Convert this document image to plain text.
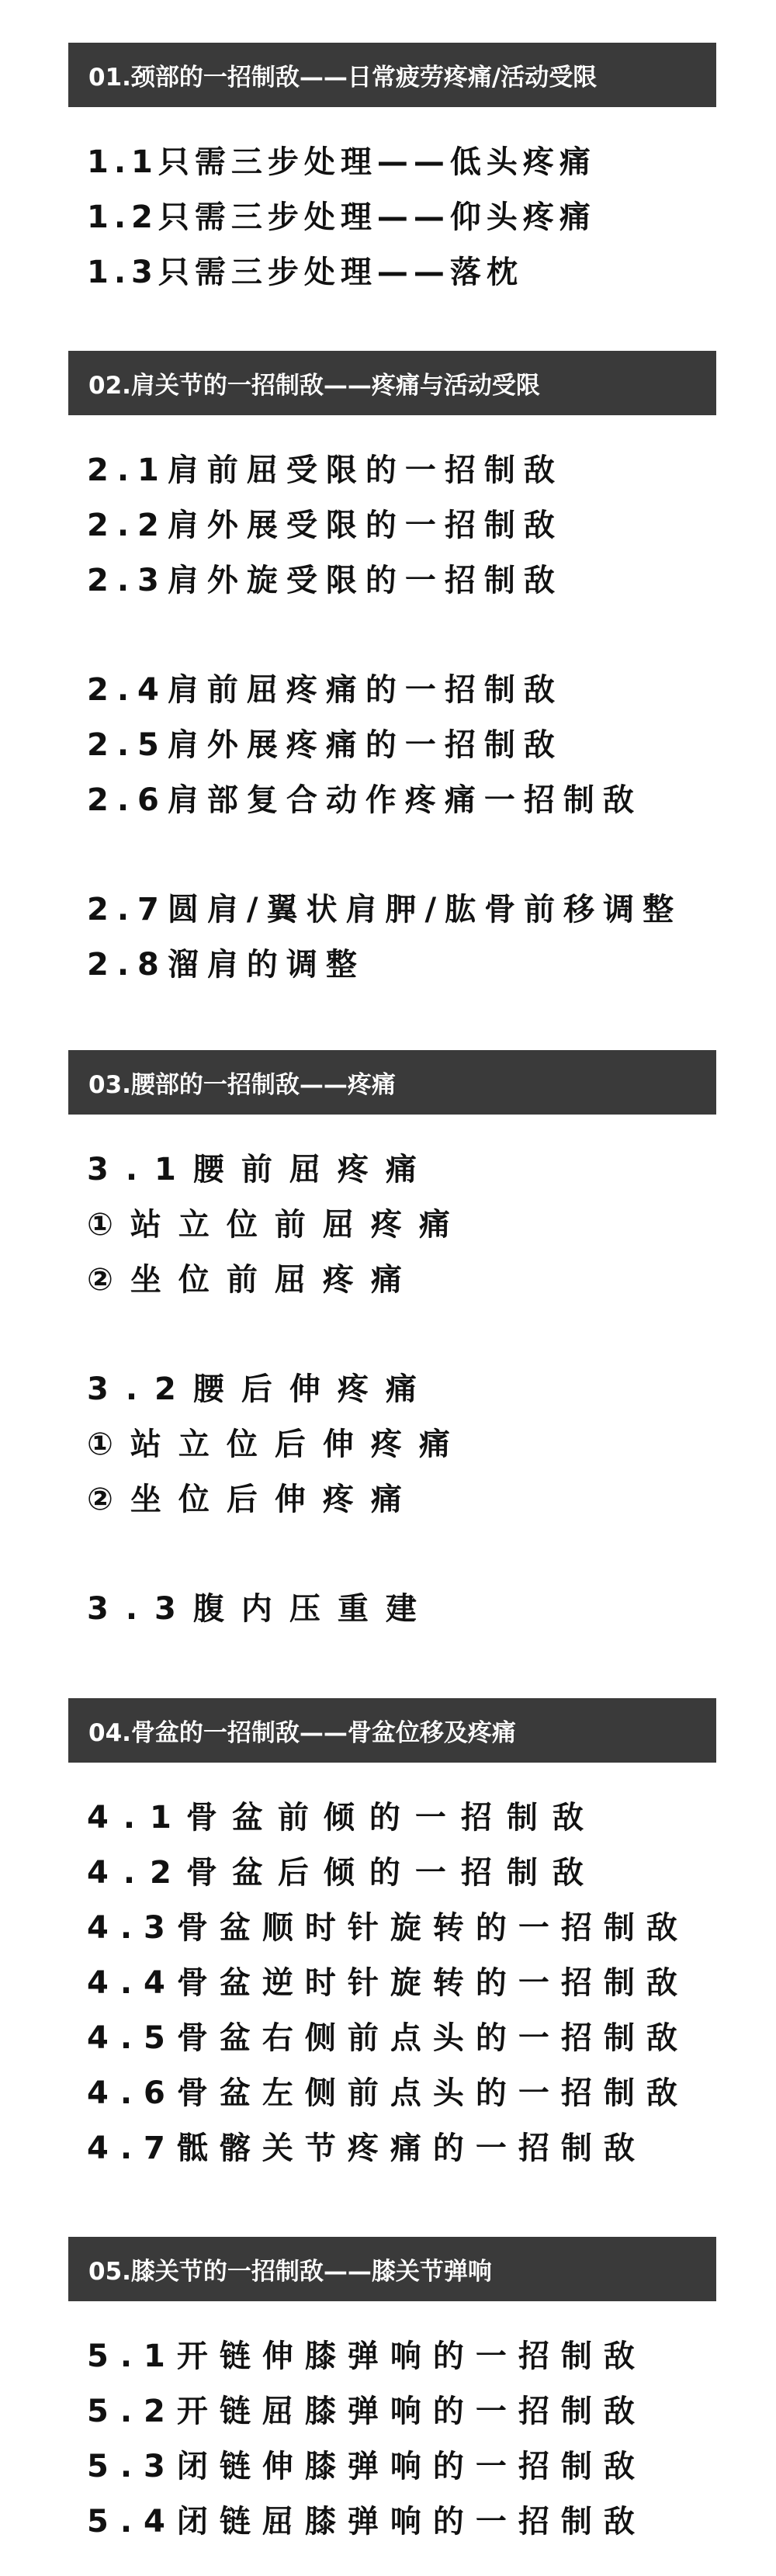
01.颈部的一招制敌——日常疲劳疼痛/活动受限
1.1只需三步处理——低头疼痛
1.2只需三步处理——仰头疼痛
1.3只需三步处理——落枕
02.肩关节的一招制敌——疼痛与活动受限
2.1肩前屈受限的一招制敌
2.2肩外展受限的一招制敌
2.3肩外旋受限的一招制敌
2.4肩前屈疼痛的一招制敌
2.5肩外展疼痛的一招制敌
2.6肩部复合动作疼痛一招制敌
2.7圆肩/翼状肩胛/肱骨前移调整
2.8溜肩的调整
03.腰部的一招制敌——疼痛
3.1腰前屈疼痛
①站立位前屈疼痛
②坐位前屈疼痛
3.2腰后伸疼痛
①站立位后伸疼痛
②坐位后伸疼痛
3.3腹内压重建
04.骨盆的一招制敌——骨盆位移及疼痛
4.1骨盆前倾的一招制敌
4.2骨盆后倾的一招制敌
4.3骨盆顺时针旋转的一招制敌
4.4骨盆逆时针旋转的一招制敌
4.5骨盆右侧前点头的一招制敌
4.6骨盆左侧前点头的一招制敌
4.7骶髂关节疼痛的一招制敌
05.膝关节的一招制敌——膝关节弹响
5.1开链伸膝弹响的一招制敌
5.2开链屈膝弹响的一招制敌
5.3闭链伸膝弹响的一招制敌
5.4闭链屈膝弹响的一招制敌
